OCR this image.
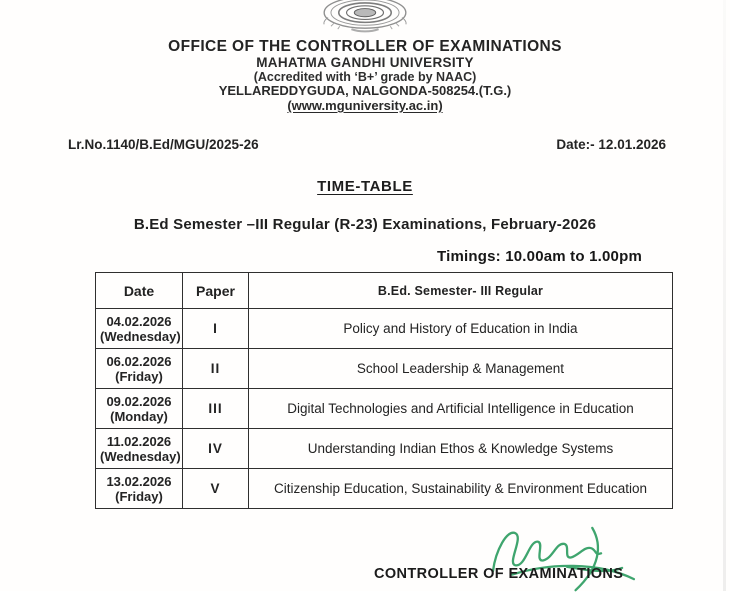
OFFICE OF THE CONTROLLER OF EXAMINATIONS
MAHATMA GANDHI UNIVERSITY
(Accredited with ‘B+’ grade by NAAC)
YELLAREDDYGUDA, NALGONDA-508254.(T.G.)
(www.mguniversity.ac.in)
Lr.No.1140/B.Ed/MGU/2025-26	Date:- 12.01.2026
TIME-TABLE
B.Ed Semester –III Regular (R-23) Examinations, February-2026
Timings: 10.00am to 1.00pm
Date	Paper	B.Ed. Semester- III Regular
04.02.2026
(Wednesday)	I	Policy and History of Education in India
06.02.2026
(Friday)	II	School Leadership & Management
09.02.2026
(Monday)	III	Digital Technologies and Artificial Intelligence in Education
11.02.2026
(Wednesday)	IV	Understanding Indian Ethos & Knowledge Systems
13.02.2026
(Friday)	V	Citizenship Education, Sustainability & Environment Education
CONTROLLER OF EXAMINATIONS
